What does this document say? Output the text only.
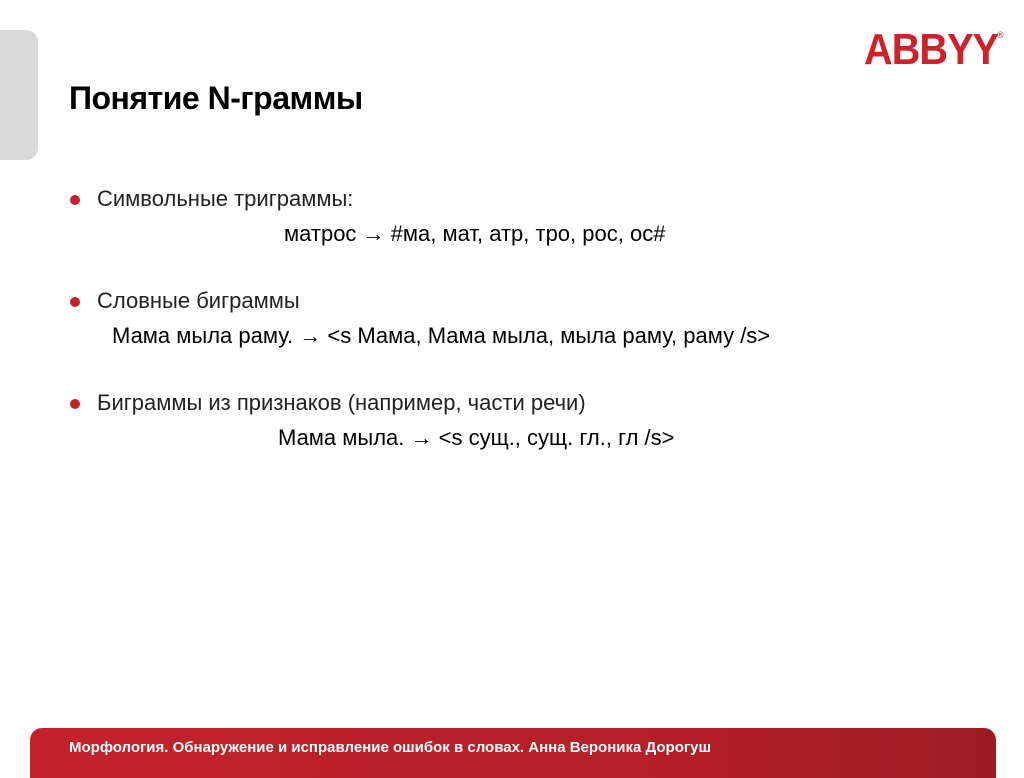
ABBYY
®
Понятие N-граммы
Символьные триграммы:
матрос → #ма, мат, атр, тро, рос, ос#
Словные биграммы
Мама мыла раму. → <s Мама, Мама мыла, мыла раму, раму /s>
Биграммы из признаков (например, части речи)
Мама мыла. → <s сущ., сущ. гл., гл /s>
Морфология. Обнаружение и исправление ошибок в словах. Анна Вероника Дорогуш
